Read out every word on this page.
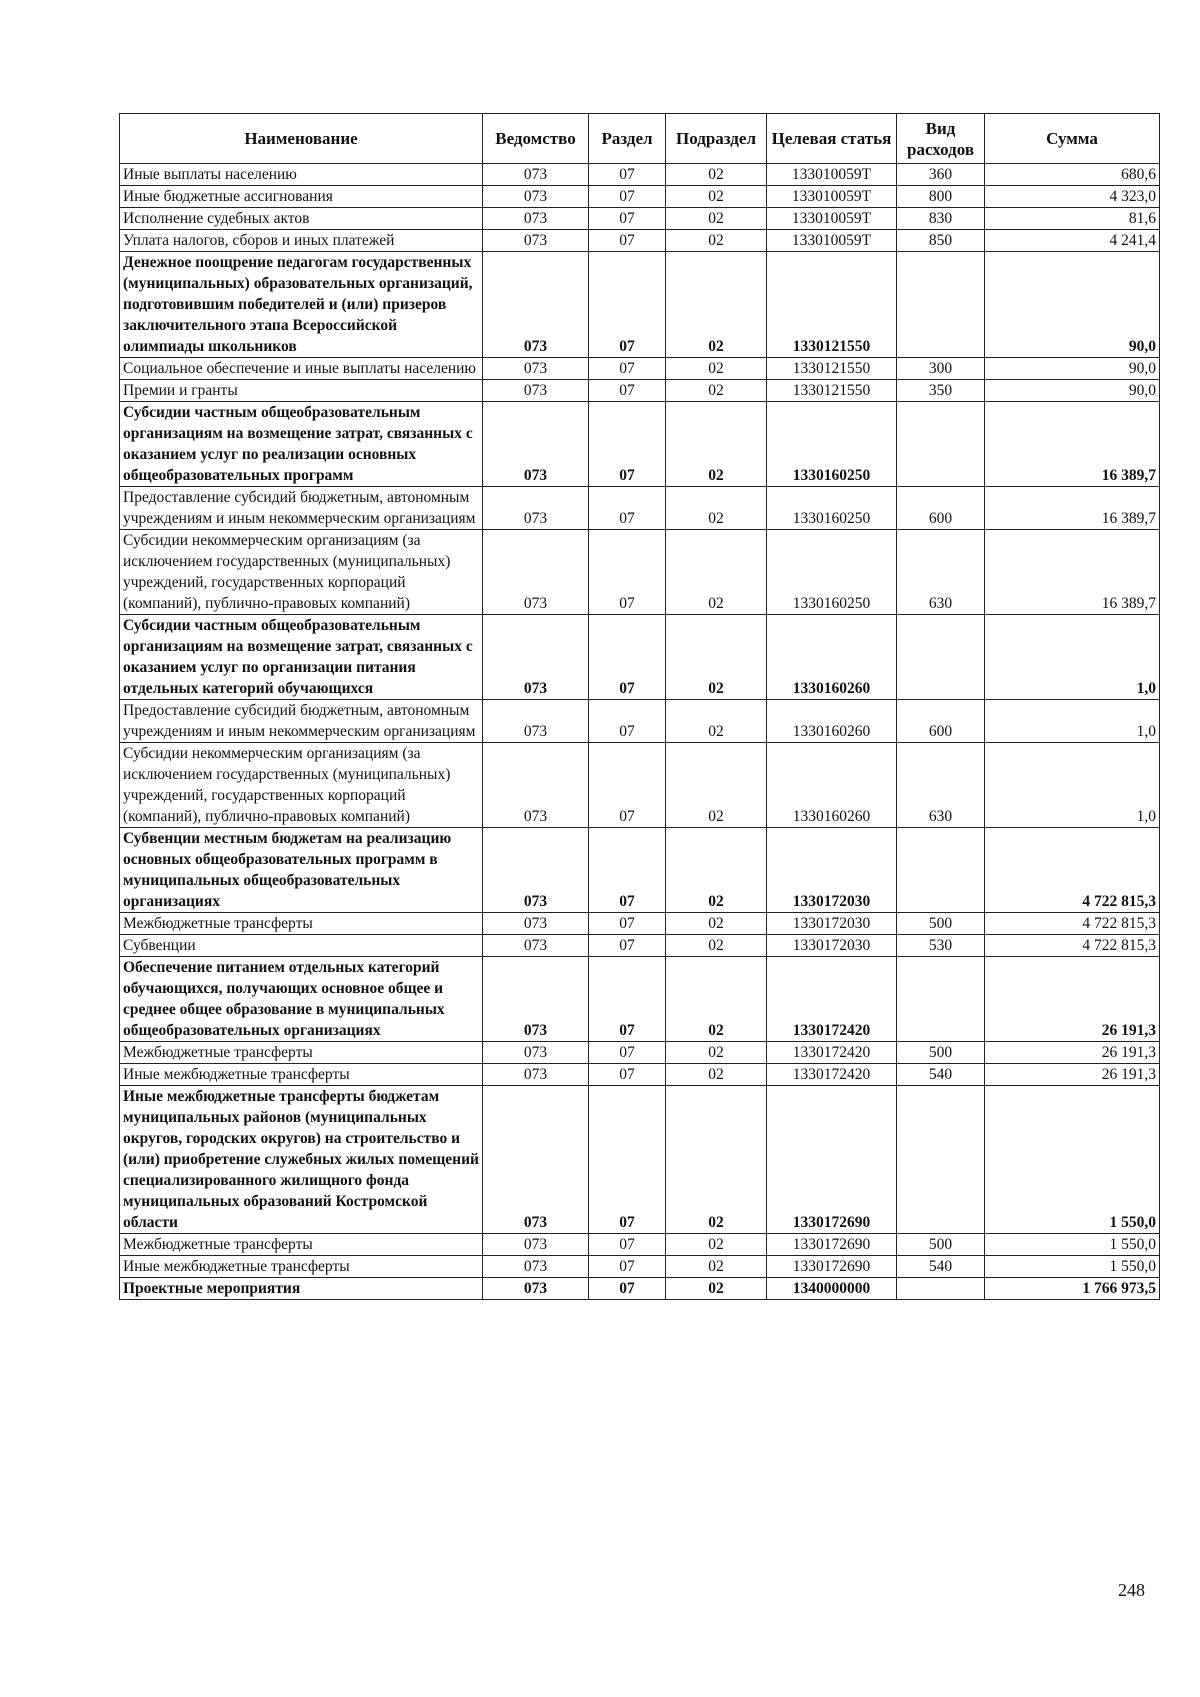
Наименование	Ведомство	Раздел	Подраздел	Целевая статья	Вид расходов	Сумма
Иные выплаты населению	073	07	02	133010059Т	360	680,6
Иные бюджетные ассигнования	073	07	02	133010059Т	800	4 323,0
Исполнение судебных актов	073	07	02	133010059Т	830	81,6
Уплата налогов, сборов и иных платежей	073	07	02	133010059Т	850	4 241,4
Денежное поощрение педагогам государственных (муниципальных) образовательных организаций, подготовившим победителей и (или) призеров заключительного этапа Всероссийской олимпиады школьников	073	07	02	1330121550		90,0
Социальное обеспечение и иные выплаты населению	073	07	02	1330121550	300	90,0
Премии и гранты	073	07	02	1330121550	350	90,0
Субсидии частным общеобразовательным организациям на возмещение затрат, связанных с оказанием услуг по реализации основных общеобразовательных программ	073	07	02	1330160250		16 389,7
Предоставление субсидий бюджетным, автономным учреждениям и иным некоммерческим организациям	073	07	02	1330160250	600	16 389,7
Субсидии некоммерческим организациям (за исключением государственных (муниципальных) учреждений, государственных корпораций (компаний), публично-правовых компаний)	073	07	02	1330160250	630	16 389,7
Субсидии частным общеобразовательным организациям на возмещение затрат, связанных с оказанием услуг по организации питания отдельных категорий обучающихся	073	07	02	1330160260		1,0
Предоставление субсидий бюджетным, автономным учреждениям и иным некоммерческим организациям	073	07	02	1330160260	600	1,0
Субсидии некоммерческим организациям (за исключением государственных (муниципальных) учреждений, государственных корпораций (компаний), публично-правовых компаний)	073	07	02	1330160260	630	1,0
Субвенции местным бюджетам на реализацию основных общеобразовательных программ в муниципальных общеобразовательных организациях	073	07	02	1330172030		4 722 815,3
Межбюджетные трансферты	073	07	02	1330172030	500	4 722 815,3
Субвенции	073	07	02	1330172030	530	4 722 815,3
Обеспечение питанием отдельных категорий обучающихся, получающих основное общее и среднее общее образование в муниципальных общеобразовательных организациях	073	07	02	1330172420		26 191,3
Межбюджетные трансферты	073	07	02	1330172420	500	26 191,3
Иные межбюджетные трансферты	073	07	02	1330172420	540	26 191,3
Иные межбюджетные трансферты бюджетам муниципальных районов (муниципальных округов, городских округов) на строительство и (или) приобретение служебных жилых помещений специализированного жилищного фонда муниципальных образований Костромской области	073	07	02	1330172690		1 550,0
Межбюджетные трансферты	073	07	02	1330172690	500	1 550,0
Иные межбюджетные трансферты	073	07	02	1330172690	540	1 550,0
Проектные мероприятия	073	07	02	1340000000		1 766 973,5
248
